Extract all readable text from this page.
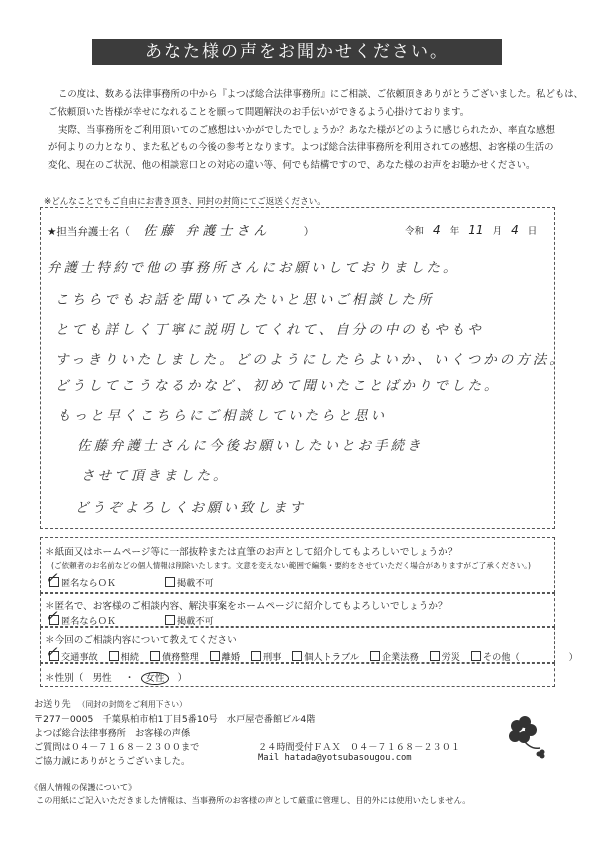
あなた様の声をお聞かせください。

この度は、数ある法律事務所の中から『よつば総合法律事務所』にご相談、ご依頼頂きありがとうございました。私どもは、

ご依頼頂いた皆様が幸せになれることを願って問題解決のお手伝いができるよう心掛けております。

実際、当事務所をご利用頂いてのご感想はいかがでしたでしょうか？あなた様がどのように感じられたか、率直な感想

が何よりの力となり、また私どもの今後の参考となります。よつば総合法律事務所を利用されての感想、お客様の生活の

変化、現在のご状況、他の相談窓口との対応の違い等、何でも結構ですので、あなた様のお声をお聴かせください。

※どんなことでもご自由にお書き頂き、同封の封筒にてご返送ください。
★担当弁護士名（ 佐藤 弁護士さん	）	令和 4 年 11 月 4 日
弁護士特約で他の事務所さんにお願いしておりました。
こちらでもお話を聞いてみたいと思いご相談した所
とても詳しく丁寧に説明してくれて、自分の中のもやもや
すっきりいたしました。どのようにしたらよいか、いくつかの方法。
どうしてこうなるかなど、初めて聞いたことばかりでした。
もっと早くこちらにご相談していたらと思い
佐藤弁護士さんに今後お願いしたいとお手続き
させて頂きました。
どうぞよろしくお願い致します
＊紙面又はホームページ等に一部抜粋または直筆のお声として紹介してもよろしいでしょうか？
(ご依頼者のお名前などの個人情報は削除いたします。文意を変えない範囲で編集・要約をさせていただく場合がありますがご了承ください。)
匿名ならＯＫ	掲載不可
✓
＊匿名で、お客様のご相談内容、解決事案をホームページに紹介してもよろしいでしょうか？
匿名ならＯＫ	掲載不可
✓
＊今回のご相談内容について教えてください
交通事故 相続 債務整理 離婚 刑事 個人トラブル 企業法務 労災 その他（	）
✓
＊性別（ 男性 ・ 女性 ）
お送り先 （同封の封筒をご利用下さい）
〒277－0005　千葉県柏市柏1丁目5番10号　水戸屋壱番館ビル4階
よつば総合法律事務所　お客様の声係
ご質問は０４－７１６８－２３００まで	２４時間受付ＦＡＸ　０４－７１６８－２３０１
ご協力誠にありがとうございました。	Mail hatada@yotsubasougou.com
《個人情報の保護について》
この用紙にご記入いただきました情報は、当事務所のお客様の声として厳重に管理し、目的外には使用いたしません。
